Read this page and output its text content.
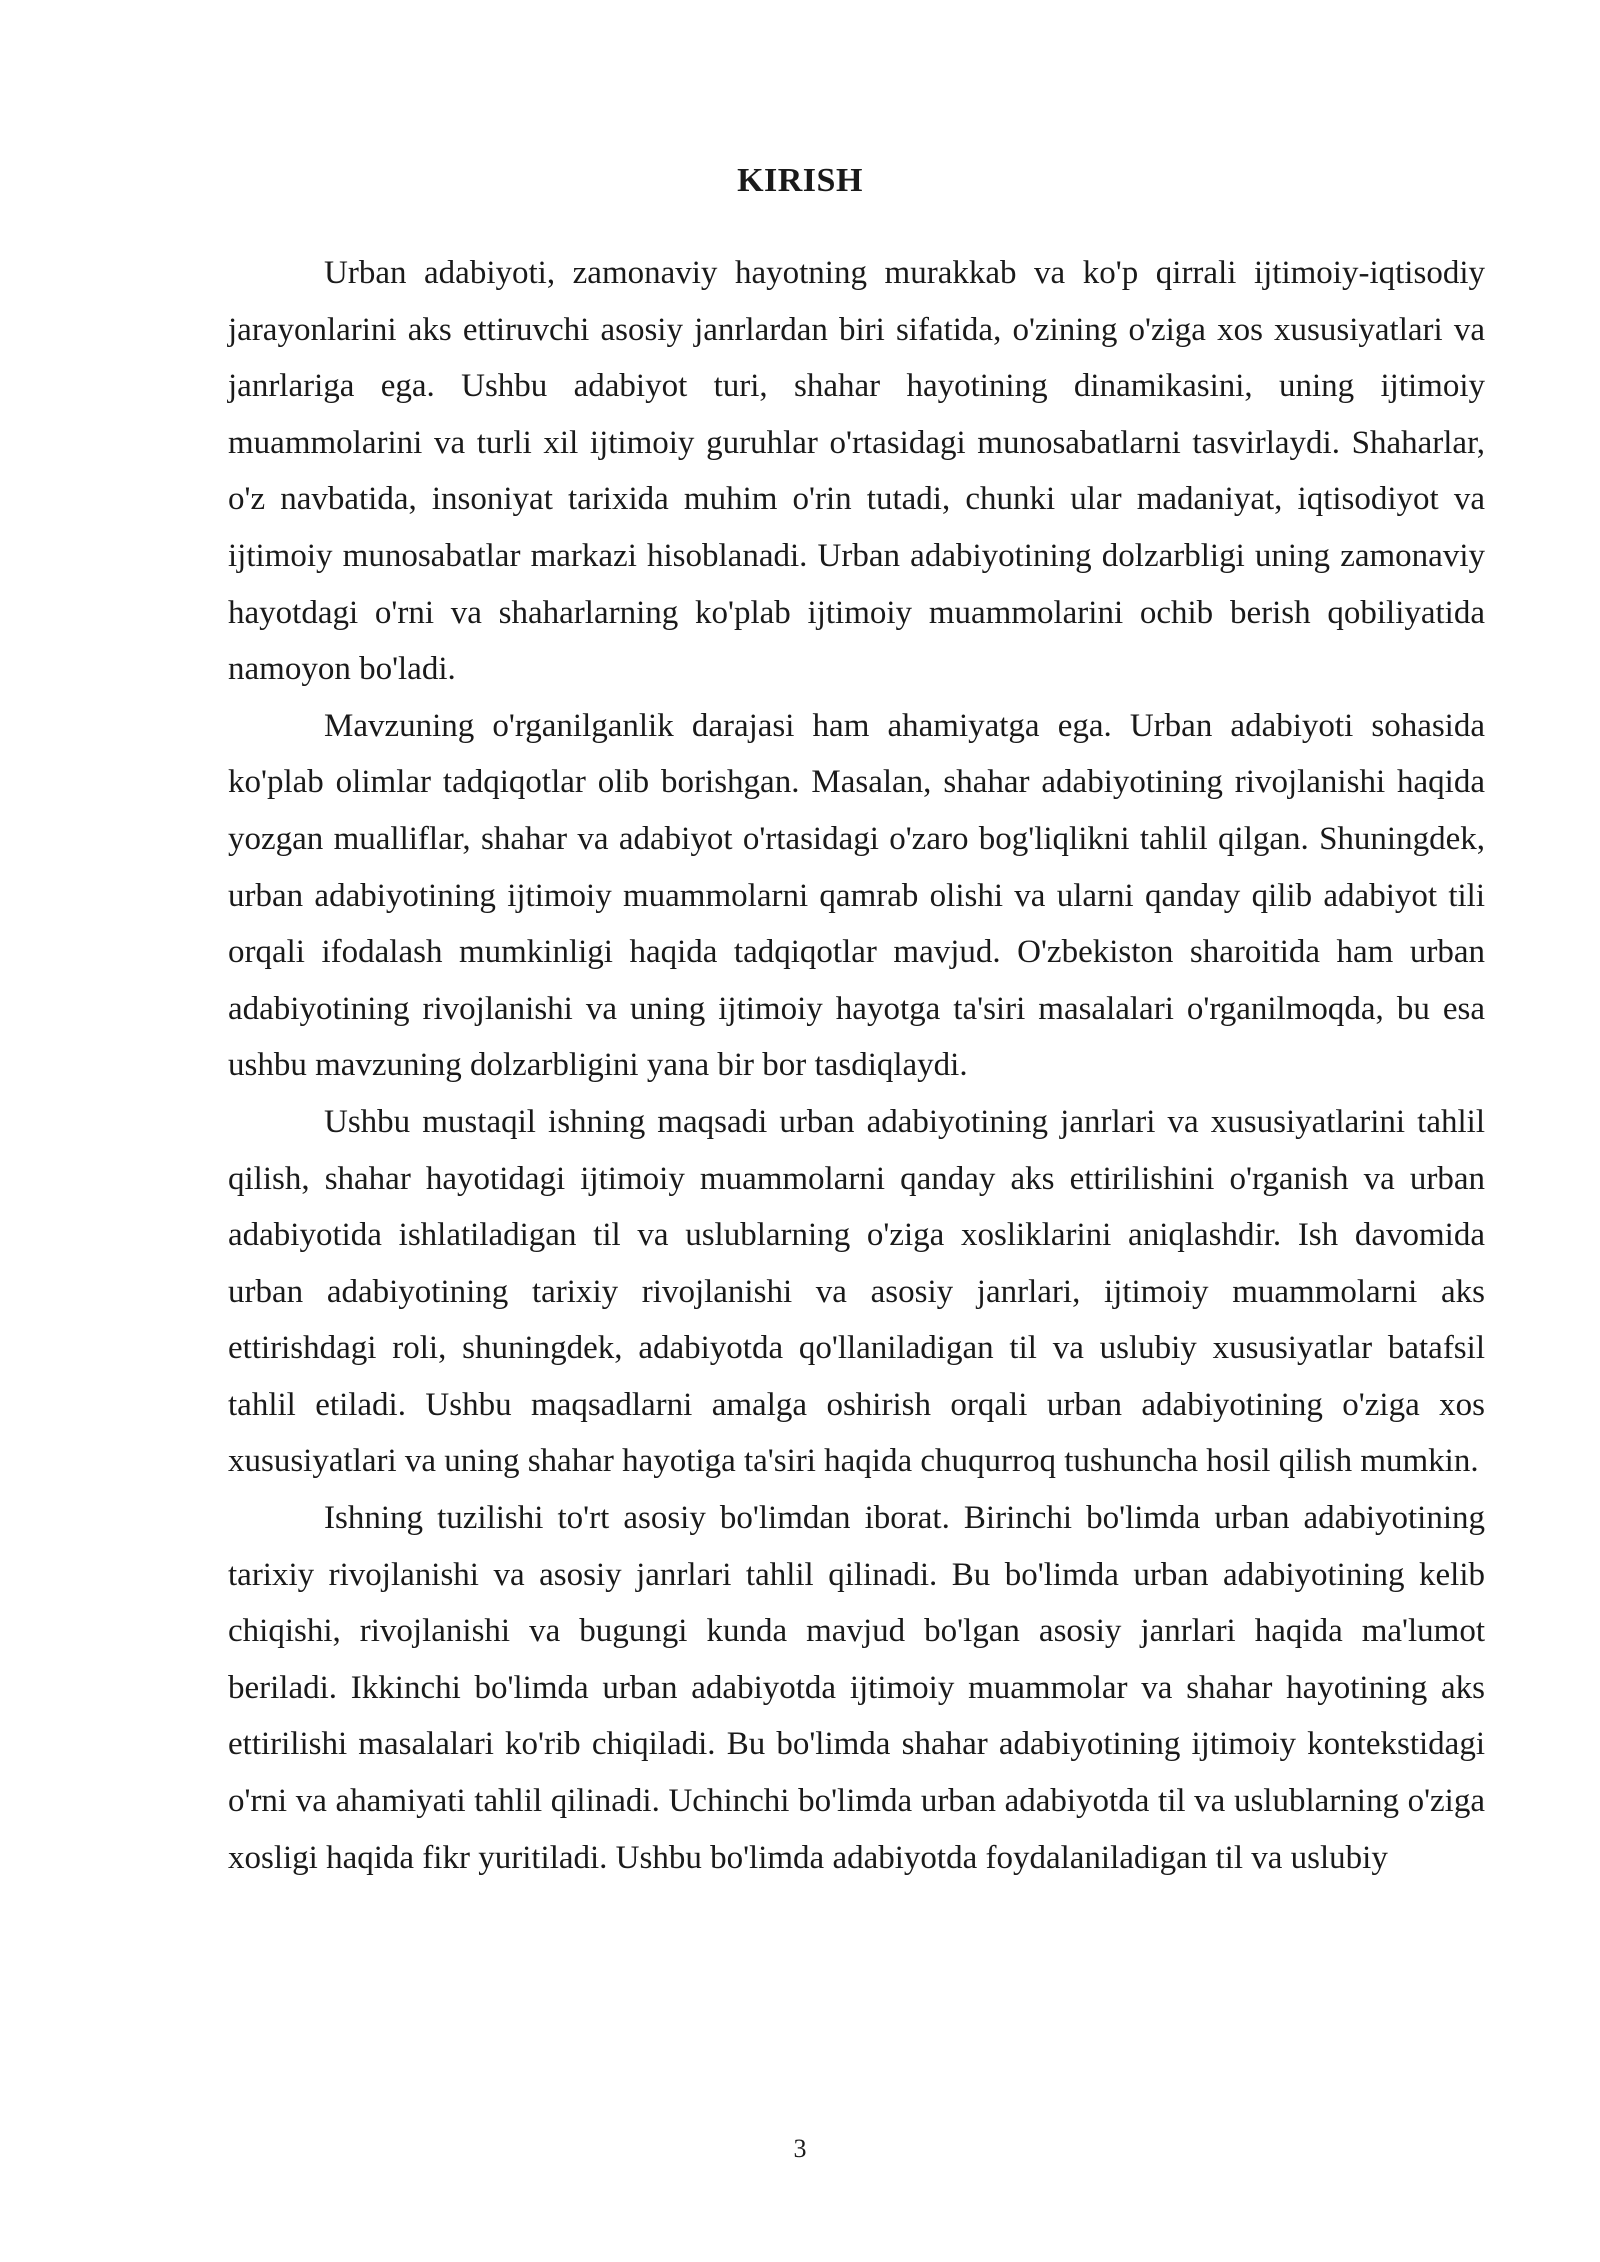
KIRISH

Urban adabiyoti, zamonaviy hayotning murakkab va ko'p qirrali ijtimoiy-iqtisodiy jarayonlarini aks ettiruvchi asosiy janrlardan biri sifatida, o'zining o'ziga xos xususiyatlari va janrlariga ega. Ushbu adabiyot turi, shahar hayotining dinamikasini, uning ijtimoiy muammolarini va turli xil ijtimoiy guruhlar o'rtasidagi munosabatlarni tasvirlaydi. Shaharlar, o'z navbatida, insoniyat tarixida muhim o'rin tutadi, chunki ular madaniyat, iqtisodiyot va ijtimoiy munosabatlar markazi hisoblanadi. Urban adabiyotining dolzarbligi uning zamonaviy hayotdagi o'rni va shaharlarning ko'plab ijtimoiy muammolarini ochib berish qobiliyatida namoyon bo'ladi.

Mavzuning o'rganilganlik darajasi ham ahamiyatga ega. Urban adabiyoti sohasida ko'plab olimlar tadqiqotlar olib borishgan. Masalan, shahar adabiyotining rivojlanishi haqida yozgan mualliflar, shahar va adabiyot o'rtasidagi o'zaro bog'liqlikni tahlil qilgan. Shuningdek, urban adabiyotining ijtimoiy muammolarni qamrab olishi va ularni qanday qilib adabiyot tili orqali ifodalash mumkinligi haqida tadqiqotlar mavjud. O'zbekiston sharoitida ham urban adabiyotining rivojlanishi va uning ijtimoiy hayotga ta'siri masalalari o'rganilmoqda, bu esa ushbu mavzuning dolzarbligini yana bir bor tasdiqlaydi.

Ushbu mustaqil ishning maqsadi urban adabiyotining janrlari va xususiyatlarini tahlil qilish, shahar hayotidagi ijtimoiy muammolarni qanday aks ettirilishini o'rganish va urban adabiyotida ishlatiladigan til va uslublarning o'ziga xosliklarini aniqlashdir. Ish davomida urban adabiyotining tarixiy rivojlanishi va asosiy janrlari, ijtimoiy muammolarni aks ettirishdagi roli, shuningdek, adabiyotda qo'llaniladigan til va uslubiy xususiyatlar batafsil tahlil etiladi. Ushbu maqsadlarni amalga oshirish orqali urban adabiyotining o'ziga xos xususiyatlari va uning shahar hayotiga ta'siri haqida chuqurroq tushuncha hosil qilish mumkin.

Ishning tuzilishi to'rt asosiy bo'limdan iborat. Birinchi bo'limda urban adabiyotining tarixiy rivojlanishi va asosiy janrlari tahlil qilinadi. Bu bo'limda urban adabiyotining kelib chiqishi, rivojlanishi va bugungi kunda mavjud bo'lgan asosiy janrlari haqida ma'lumot beriladi. Ikkinchi bo'limda urban adabiyotda ijtimoiy muammolar va shahar hayotining aks ettirilishi masalalari ko'rib chiqiladi. Bu bo'limda shahar adabiyotining ijtimoiy kontekstidagi o'rni va ahamiyati tahlil qilinadi. Uchinchi bo'limda urban adabiyotda til va uslublarning o'ziga xosligi haqida fikr yuritiladi. Ushbu bo'limda adabiyotda foydalaniladigan til va uslubiy

3
